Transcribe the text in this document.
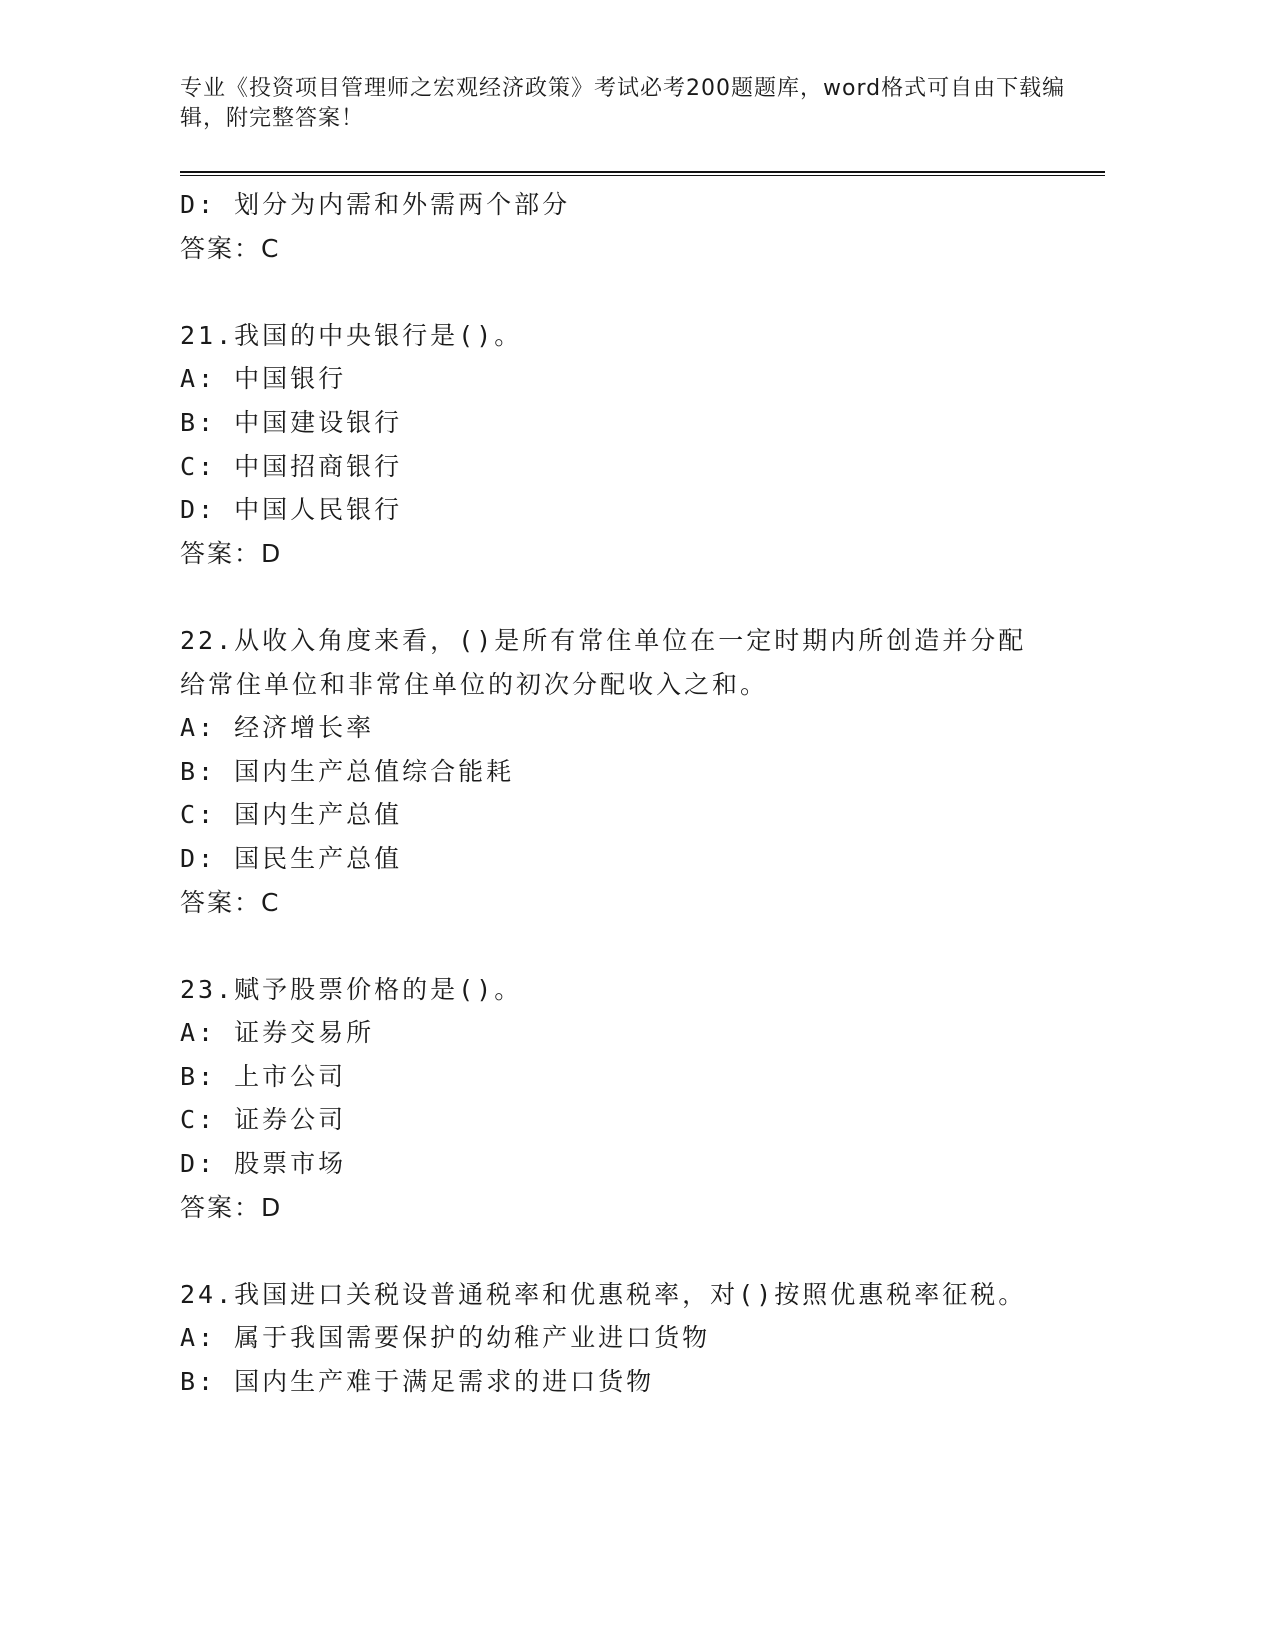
专业《投资项目管理师之宏观经济政策》考试必考200题题库，word格式可自由下载编辑，附完整答案！
D: 划分为内需和外需两个部分
答案：C
21.我国的中央银行是()。
A: 中国银行
B: 中国建设银行
C: 中国招商银行
D: 中国人民银行
答案：D
22.从收入角度来看，()是所有常住单位在一定时期内所创造并分配给常住单位和非常住单位的初次分配收入之和。
A: 经济增长率
B: 国内生产总值综合能耗
C: 国内生产总值
D: 国民生产总值
答案：C
23.赋予股票价格的是()。
A: 证券交易所
B: 上市公司
C: 证券公司
D: 股票市场
答案：D
24.我国进口关税设普通税率和优惠税率，对()按照优惠税率征税。
A: 属于我国需要保护的幼稚产业进口货物
B: 国内生产难于满足需求的进口货物
